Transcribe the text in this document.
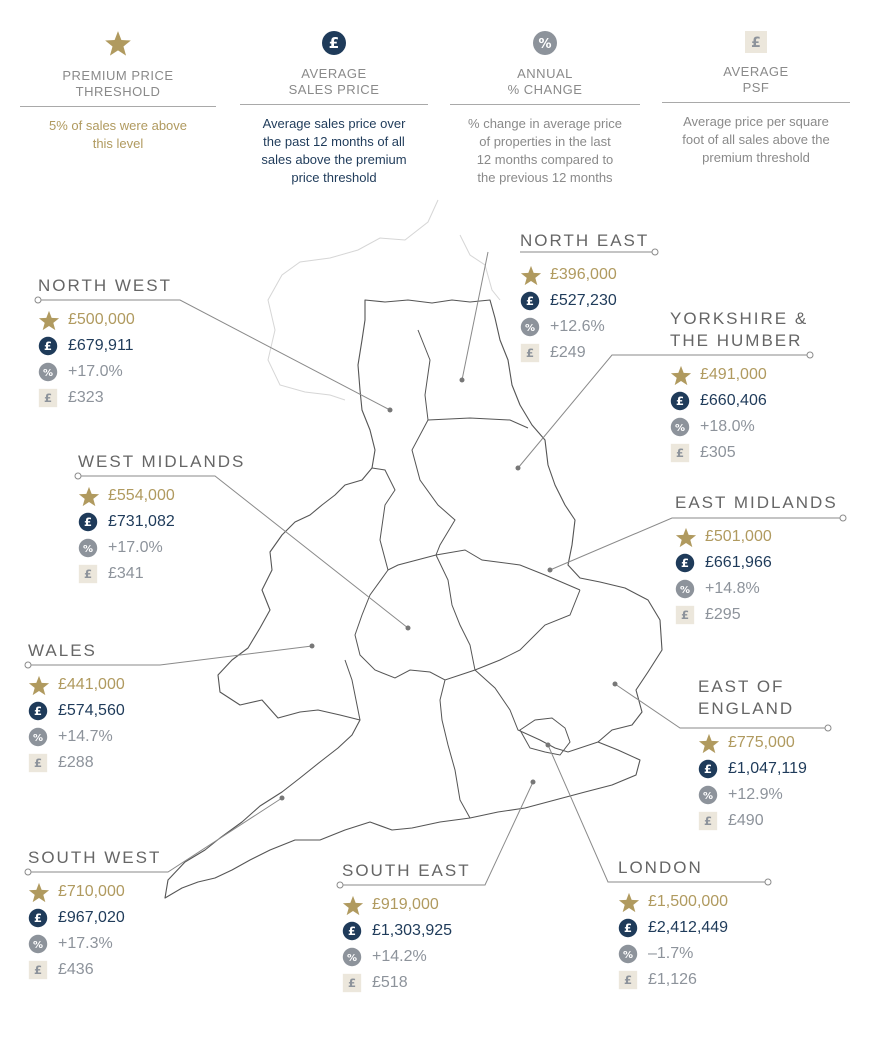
PREMIUM PRICE
THRESHOLD
5% of sales were above
this level
£
AVERAGE
SALES PRICE
Average sales price over
the past 12 months of all
sales above the premium
price threshold
%
ANNUAL
% CHANGE
% change in average price
of properties in the last
12 months compared to
the previous 12 months
£
AVERAGE
PSF
Average price per square
foot of all sales above the
premium threshold
NORTH EAST
£396,000
£ £527,230
% +12.6%
£ £249
NORTH WEST
£500,000
£ £679,911
% +17.0%
£ £323
YORKSHIRE &
THE HUMBER
£491,000
£ £660,406
% +18.0%
£ £305
WEST MIDLANDS
£554,000
£ £731,082
% +17.0%
£ £341
EAST MIDLANDS
£501,000
£ £661,966
% +14.8%
£ £295
WALES
£441,000
£ £574,560
% +14.7%
£ £288
EAST OF
ENGLAND
£775,000
£ £1,047,119
% +12.9%
£ £490
SOUTH WEST
£710,000
£ £967,020
% +17.3%
£ £436
SOUTH EAST
£919,000
£ £1,303,925
% +14.2%
£ £518
LONDON
£1,500,000
£ £2,412,449
% –1.7%
£ £1,126
